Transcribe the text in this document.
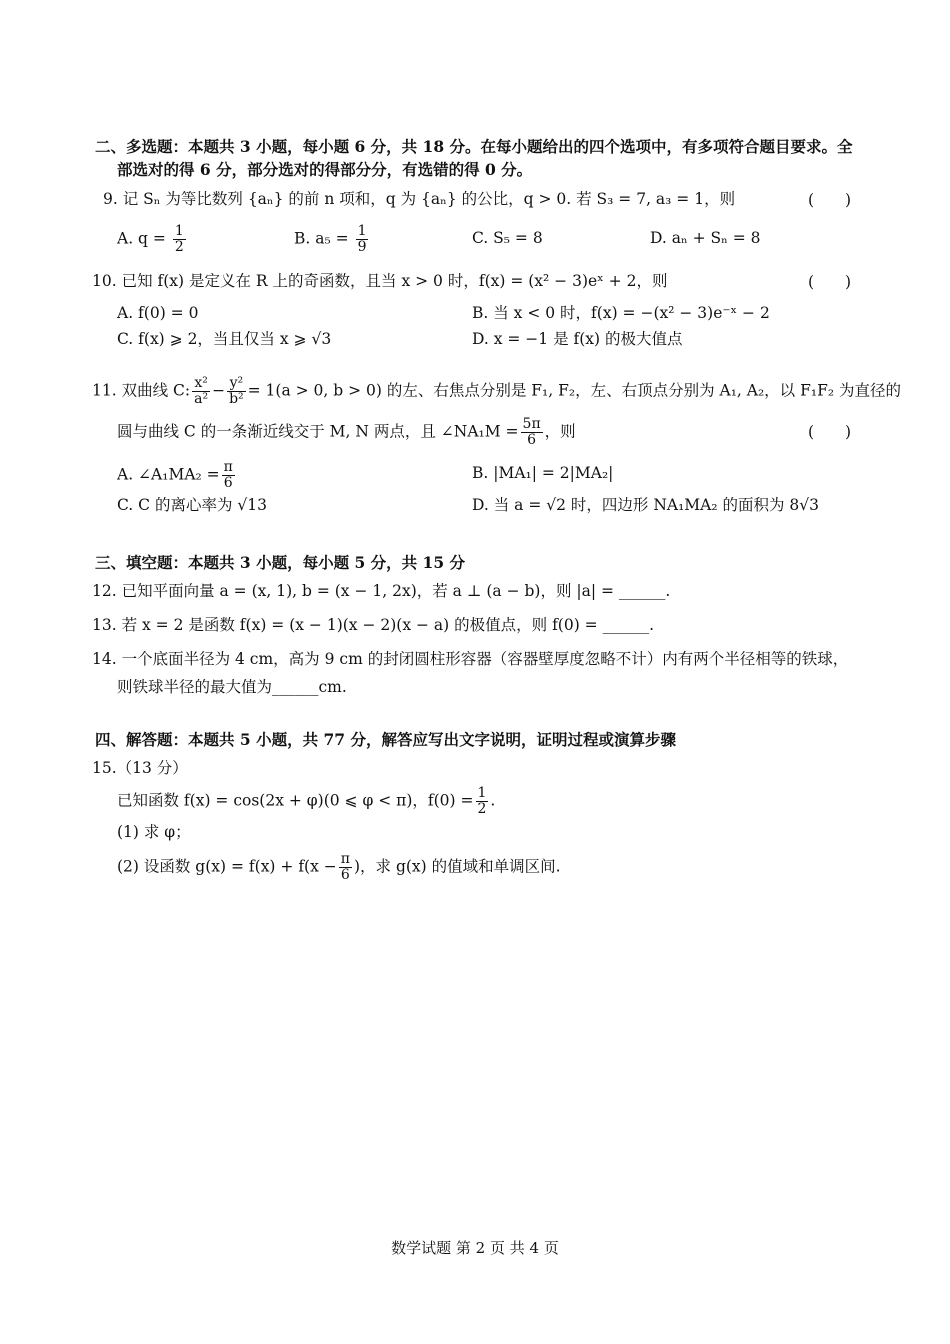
二、多选题：本题共 3 小题，每小题 6 分，共 18 分。在每小题给出的四个选项中，有多项符合题目要求。全
部选对的得 6 分，部分选对的得部分分，有选错的得 0 分。
9. 记 Sₙ 为等比数列 {aₙ} 的前 n 项和，q 为 {aₙ} 的公比，q > 0. 若 S₃ = 7, a₃ = 1，则	(　　)
A. $q = \frac{1}{2}$	B. $a_5 = \frac{1}{9}$	C. S₅ = 8	D. aₙ + Sₙ = 8
10. 已知 f(x) 是定义在 R 上的奇函数，且当 x > 0 时，f(x) = (x² − 3)eˣ + 2，则	(　　)
A. f(0) = 0	B. 当 x < 0 时，f(x) = −(x² − 3)e⁻ˣ − 2
C. f(x) ⩾ 2，当且仅当 x ⩾ √3	D. x = −1 是 f(x) 的极大值点
11. 双曲线 C: $\frac{\text{x²}}{\text{a²}} - \frac{\text{y²}}{\text{b²}} = 1(a > 0$, b > 0) 的左、右焦点分别是 F₁, F₂，左、右顶点分别为 A₁, A₂，以 F₁F₂ 为直径的
圆与曲线 C 的一条渐近线交于 M, N 两点，且 ∠NA₁M = $\frac{5\pi}{6}$ ，则	(　　)
A. ∠A₁MA₂ = $\frac{\pi}{6}$	B. |MA₁| = 2|MA₂|
C. C 的离心率为 √13	D. 当 a = √2 时，四边形 NA₁MA₂ 的面积为 8√3
三、填空题：本题共 3 小题，每小题 5 分，共 15 分
12. 已知平面向量 a = (x, 1), b = (x − 1, 2x)，若 a ⊥ (a − b)，则 |a| = ______.
13. 若 x = 2 是函数 f(x) = (x − 1)(x − 2)(x − a) 的极值点，则 f(0) = ______.
14. 一个底面半径为 4 cm，高为 9 cm 的封闭圆柱形容器（容器壁厚度忽略不计）内有两个半径相等的铁球，
则铁球半径的最大值为______cm.
四、解答题：本题共 5 小题，共 77 分，解答应写出文字说明，证明过程或演算步骤
15.（13 分）
已知函数 f(x) = cos(2x + φ)(0 ⩽ φ < π)，$f(0) = \frac{1}{2}$ .
(1) 求 φ；
(2) 设函数 $g(x) = f(x) + f(x - \frac{\pi}{6}$ )，求 g(x) 的值域和单调区间.
数学试题 第 2 页 共 4 页
